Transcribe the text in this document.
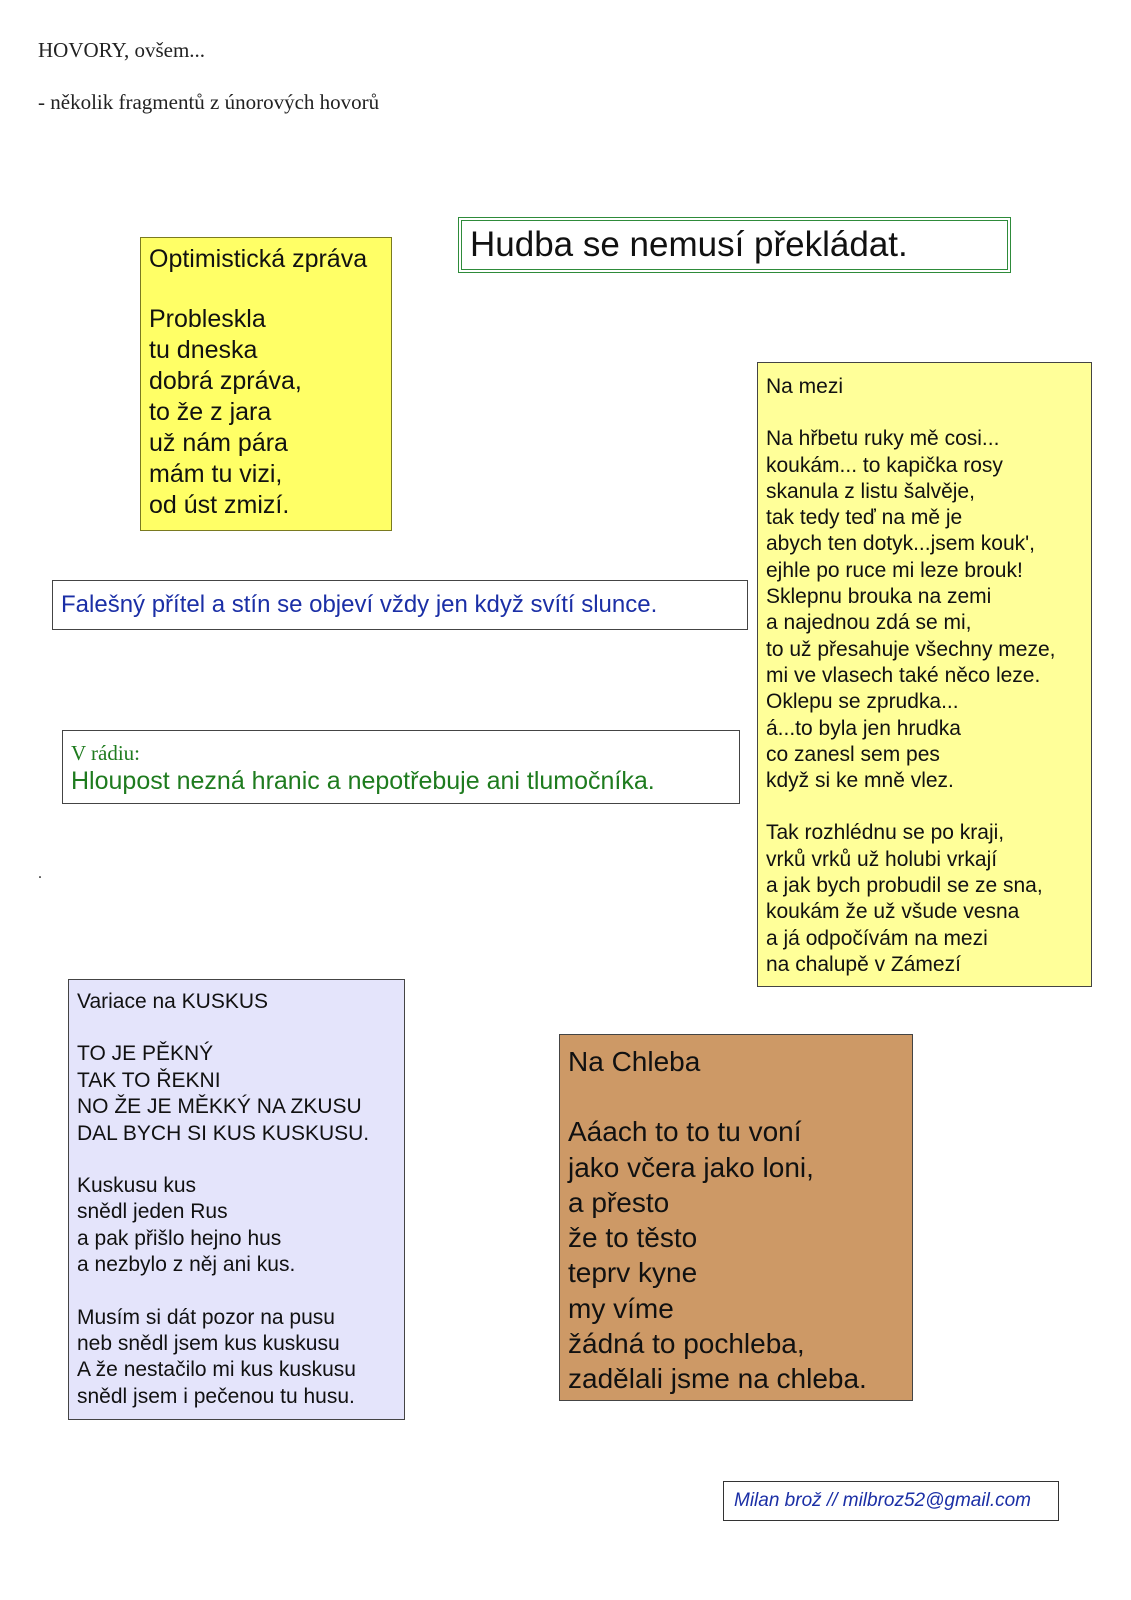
HOVORY, ovšem...
- několik fragmentů z únorových hovorů
Optimistická zpráva
Probleskla
tu dneska
dobrá zpráva,
to že z jara
už nám pára
mám tu vizi,
od úst zmizí.
Hudba se nemusí překládat.
Na mezi
Na hřbetu ruky mě cosi...
koukám... to kapička rosy
skanula z listu šalvěje,
tak tedy teď na mě je
abych ten dotyk...jsem kouk',
ejhle po ruce mi leze brouk!
Sklepnu brouka na zemi
a najednou zdá se mi,
to už přesahuje všechny meze,
mi ve vlasech také něco leze.
Oklepu se zprudka...
á...to byla jen hrudka
co zanesl sem pes
když si ke mně vlez.
Tak rozhlédnu se po kraji,
vrků vrků už holubi vrkají
a jak bych probudil se ze sna,
koukám že už všude vesna
a já odpočívám na mezi
na chalupě v Zámezí
Falešný přítel a stín se objeví vždy jen když svítí slunce.
V rádiu:
Hloupost nezná hranic a nepotřebuje ani tlumočníka.
.
Variace na KUSKUS
TO JE PĚKNÝ
TAK TO ŘEKNI
NO ŽE JE MĚKKÝ NA ZKUSU
DAL BYCH SI KUS KUSKUSU.
Kuskusu kus
snědl jeden Rus
a pak přišlo hejno hus
a nezbylo z něj ani kus.
Musím si dát pozor na pusu
neb snědl jsem kus kuskusu
A že nestačilo mi kus kuskusu
snědl jsem i pečenou tu husu.
Na Chleba
Aáach to to tu voní
jako včera jako loni,
a přesto
že to těsto
teprv kyne
my víme
žádná to pochleba,
zadělali jsme na chleba.
Milan brož // milbroz52@gmail.com
